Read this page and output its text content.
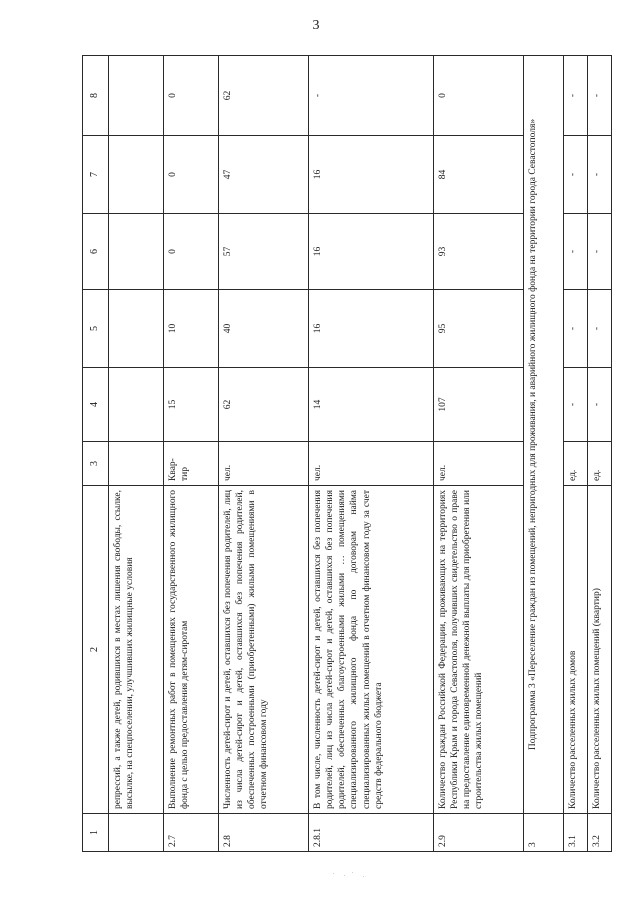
3
1	2	3	4	5	6	7	8
	репрессий, а также детей, родившихся в местах лишения свободы, ссылке, высылке, на спецпоселении, улучшивших жилищные условия						
2.7	Выполнение ремонтных работ в помещениях государственного жилищного фонда с целью предоставления детям-сиротам	Квар-тир	15	10	0	0	0
2.8	Численность детей-сирот и детей, оставшихся без попечения родителей, лиц из числа детей-сирот и детей, оставшихся без попечения родителей, обеспеченных построенными (приобретенными) жилыми помещениями в отчетном финансовом году	чел.	62	40	57	47	62
2.8.1	В том числе, численность детей-сирот и детей, оставшихся без попечения родителей, лиц из числа детей-сирот и детей, оставшихся без попечения родителей, обеспеченных благоустроенными жилыми … помещениями специализированного жилищного фонда по договорам найма специализированных жилых помещений в отчетном финансовом году за счет средств федерального бюджета	чел.	14	16	16	16	-
2.9	Количество граждан Российской Федерации, проживающих на территориях Республики Крым и города Севастополя, получивших свидетельство о праве на предоставление единовременной денежной выплаты для приобретения или строительства жилых помещений	чел.	107	95	93	84	0
3	Подпрограмма 3 «Переселение граждан из помещений, непригодных для проживания, и аварийного жилищного фонда на территории города Севастополя»						
3.1	Количество расселенных жилых домов	ед.	-	-	-	-	-
3.2	Количество расселенных жилых помещений (квартир)	ед.	-	-	-	-	-
